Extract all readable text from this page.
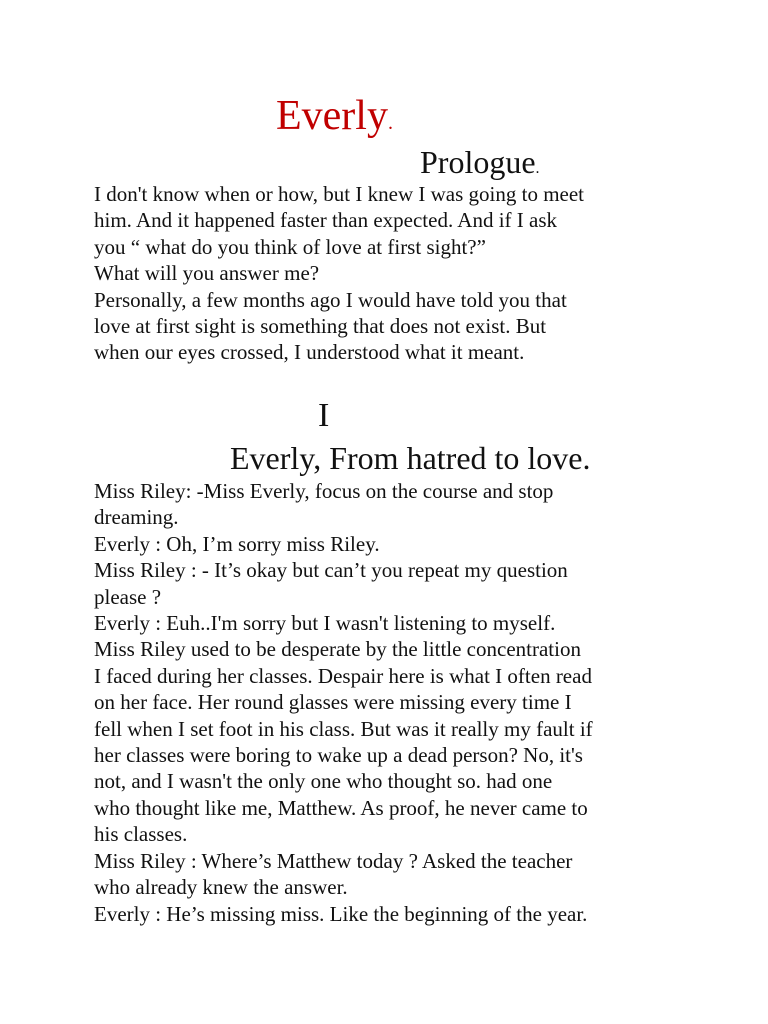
Everly.
Prologue.

I don't know when or how, but I knew I was going to meet

him. And it happened faster than expected. And if I ask

you “ what do you think of love at first sight?”

What will you answer me?

Personally, a few months ago I would have told you that

love at first sight is something that does not exist. But

when our eyes crossed, I understood what it meant.

I
Everly, From hatred to love.

Miss Riley: -Miss Everly, focus on the course and stop

dreaming.

Everly : Oh, I’m sorry miss Riley.

Miss Riley : - It’s okay but can’t you repeat my question

please ?

Everly : Euh..I'm sorry but I wasn't listening to myself.

Miss Riley used to be desperate by the little concentration

I faced during her classes. Despair here is what I often read

on her face. Her round glasses were missing every time I

fell when I set foot in his class. But was it really my fault if

her classes were boring to wake up a dead person? No, it's

not, and I wasn't the only one who thought so. had one

who thought like me, Matthew. As proof, he never came to

his classes.

Miss Riley : Where’s Matthew today ? Asked the teacher

who already knew the answer.

Everly : He’s missing miss. Like the beginning of the year.
